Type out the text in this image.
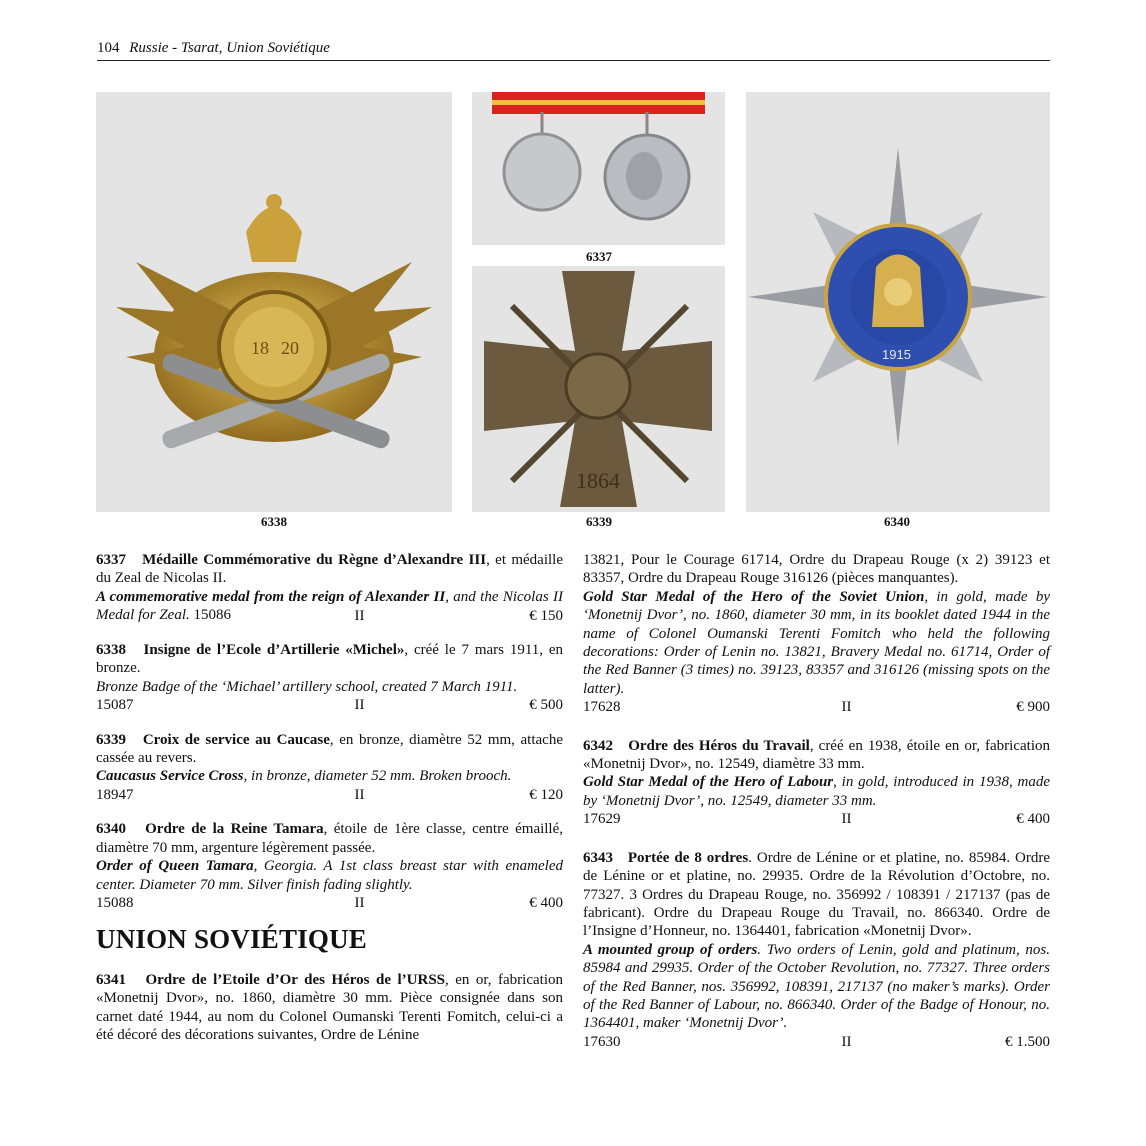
104 Russie - Tsarat, Union Soviétique
18 20
6338
6337
1864
6339
1915
6340

6337 Médaille Commémorative du Règne d’Alexandre III, et médaille du Zeal de Nicolas II.

A commemorative medal from the reign of Alexander II, and the Nicolas II Medal for Zeal. 15086	II	€ 150

6338 Insigne de l’Ecole d’Artillerie «Michel», créé le 7 mars 1911, en bronze.

Bronze Badge of the ‘Michael’ artillery school, created 7 March 1911.

15087	II	€ 500

6339 Croix de service au Caucase, en bronze, diamètre 52 mm, attache cassée au revers.

Caucasus Service Cross, in bronze, diameter 52 mm. Broken brooch.

18947	II	€ 120

6340 Ordre de la Reine Tamara, étoile de 1ère classe, centre émaillé, diamètre 70 mm, argenture légèrement passée.

Order of Queen Tamara, Georgia. A 1st class breast star with enameled center. Diameter 70 mm. Silver finish fading slightly.

15088	II	€ 400
UNION SOVIÉTIQUE

6341 Ordre de l’Etoile d’Or des Héros de l’URSS, en or, fabrication «Monetnij Dvor», no. 1860, diamètre 30 mm. Pièce consignée dans son carnet daté 1944, au nom du Colonel Oumanski Terenti Fomitch, celui-ci a été décoré des décorations suivantes, Ordre de Lénine

13821, Pour le Courage 61714, Ordre du Drapeau Rouge (x 2) 39123 et 83357, Ordre du Drapeau Rouge 316126 (pièces manquantes).

Gold Star Medal of the Hero of the Soviet Union, in gold, made by ‘Monetnij Dvor’, no. 1860, diameter 30 mm, in its booklet dated 1944 in the name of Colonel Oumanski Terenti Fomitch who held the following decorations: Order of Lenin no. 13821, Bravery Medal no. 61714, Order of the Red Banner (3 times) no. 39123, 83357 and 316126 (missing spots on the latter).

17628	II	€ 900

6342 Ordre des Héros du Travail, créé en 1938, étoile en or, fabrication «Monetnij Dvor», no. 12549, diamètre 33 mm.

Gold Star Medal of the Hero of Labour, in gold, introduced in 1938, made by ‘Monetnij Dvor’, no. 12549, diameter 33 mm.

17629	II	€ 400

6343 Portée de 8 ordres. Ordre de Lénine or et platine, no. 85984. Ordre de Lénine or et platine, no. 29935. Ordre de la Révolution d’Octobre, no. 77327. 3 Ordres du Drapeau Rouge, no. 356992 / 108391 / 217137 (pas de fabricant). Ordre du Drapeau Rouge du Travail, no. 866340. Ordre de l’Insigne d’Honneur, no. 1364401, fabrication «Monetnij Dvor».

A mounted group of orders. Two orders of Lenin, gold and platinum, nos. 85984 and 29935. Order of the October Revolution, no. 77327. Three orders of the Red Banner, nos. 356992, 108391, 217137 (no maker’s marks). Order of the Red Banner of Labour, no. 866340. Order of the Badge of Honour, no. 1364401, maker ‘Monetnij Dvor’.

17630	II	€ 1.500
